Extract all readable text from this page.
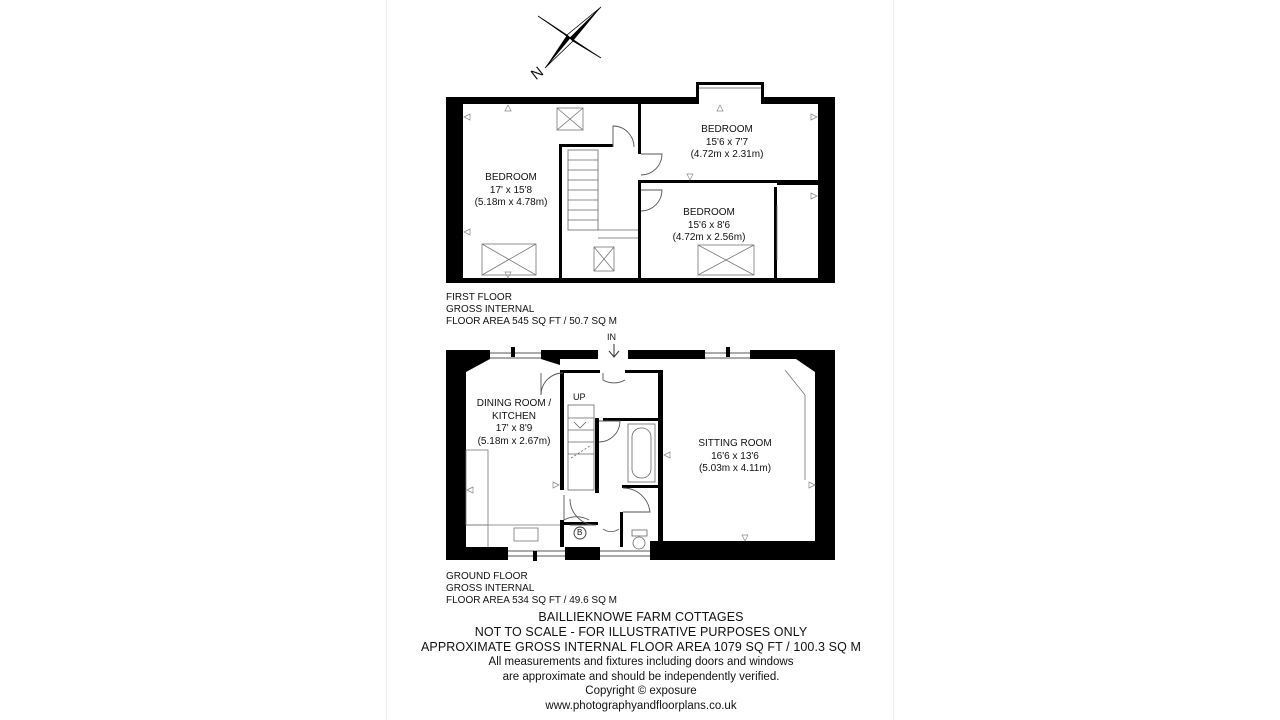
N
BEDROOM
17' x 15'8
(5.18m x 4.78m)
BEDROOM
15'6 x 7'7
(4.72m x 2.31m)
BEDROOM
15'6 x 8'6
(4.72m x 2.56m)
FIRST FLOOR
GROSS INTERNAL
FLOOR AREA 545 SQ FT / 50.7 SQ M
IN
UP
B
DINING ROOM /
KITCHEN
17' x 8'9
(5.18m x 2.67m)	SITTING ROOM
16'6 x 13'6
(5.03m x 4.11m)
GROUND FLOOR
GROSS INTERNAL
FLOOR AREA 534 SQ FT / 49.6 SQ M
BAILLIEKNOWE FARM COTTAGES
NOT TO SCALE - FOR ILLUSTRATIVE PURPOSES ONLY
APPROXIMATE GROSS INTERNAL FLOOR AREA 1079 SQ FT / 100.3 SQ M
All measurements and fixtures including doors and windows
are approximate and should be independently verified.
Copyright © exposure
www.photographyandfloorplans.co.uk
